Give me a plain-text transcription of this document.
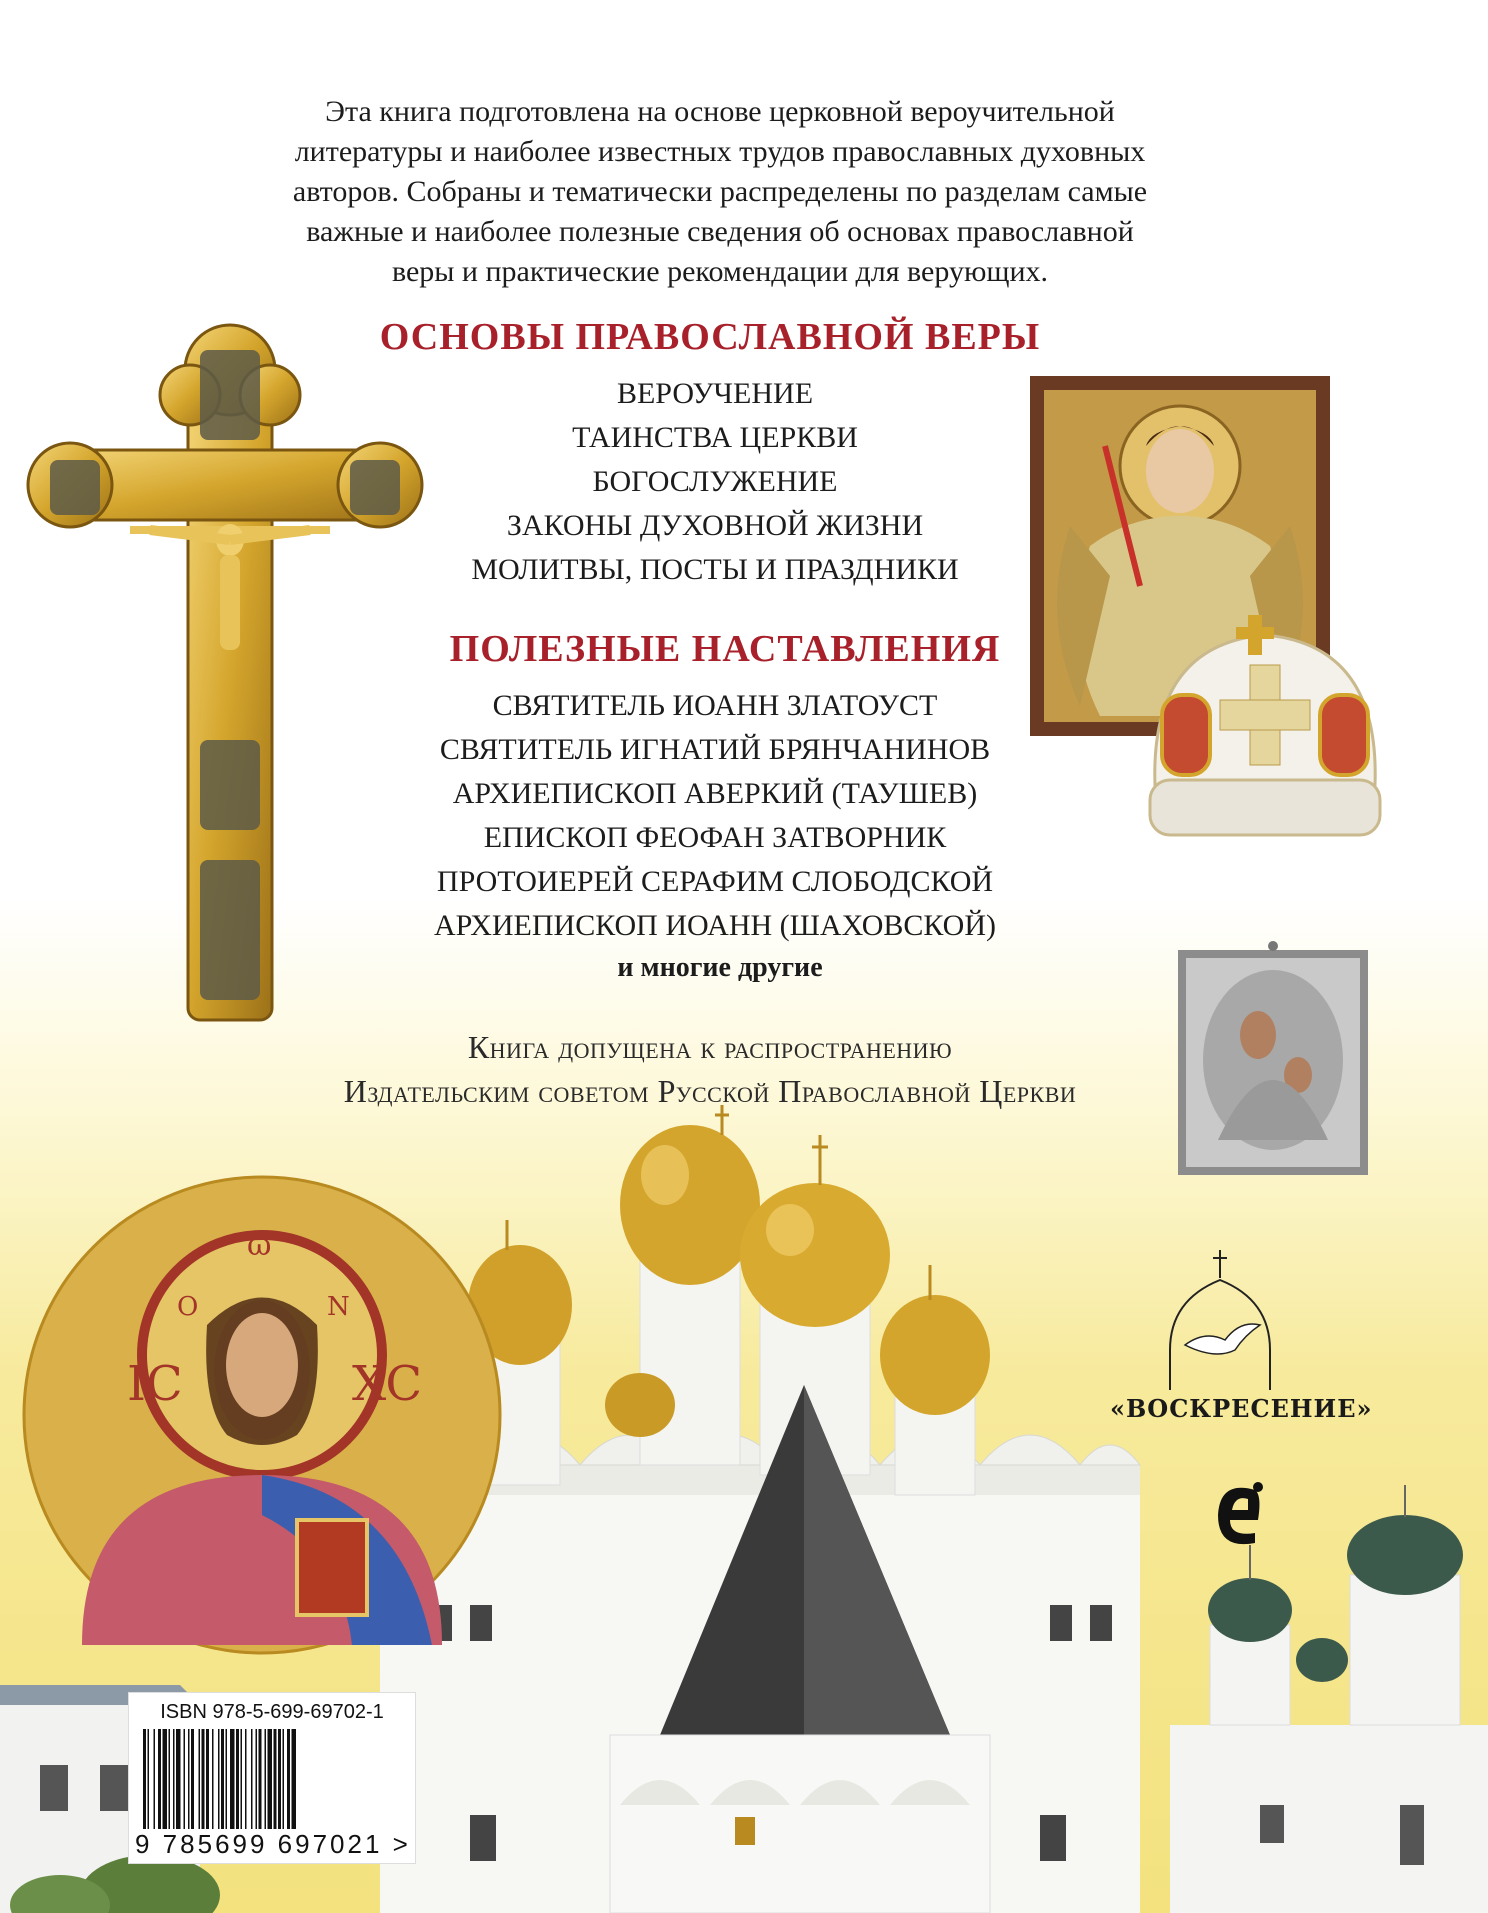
Эта книга подготовлена на основе церковной вероучительной
литературы и наиболее известных трудов православных духовных
авторов. Собраны и тематически распределены по разделам самые
важные и наиболее полезные сведения об основах православной
веры и практические рекомендации для верующих.

ОСНОВЫ ПРАВОСЛАВНОЙ ВЕРЫ
ВЕРОУЧЕНИЕ
ТАИНСТВА ЦЕРКВИ
БОГОСЛУЖЕНИЕ
ЗАКОНЫ ДУХОВНОЙ ЖИЗНИ
МОЛИТВЫ, ПОСТЫ И ПРАЗДНИКИ
ПОЛЕЗНЫЕ НАСТАВЛЕНИЯ
СВЯТИТЕЛЬ ИОАНН ЗЛАТОУСТ
СВЯТИТЕЛЬ ИГНАТИЙ БРЯНЧАНИНОВ
АРХИЕПИСКОП АВЕРКИЙ (ТАУШЕВ)
ЕПИСКОП ФЕОФАН ЗАТВОРНИК
ПРОТОИЕРЕЙ СЕРАФИМ СЛОБОДСКОЙ
АРХИЕПИСКОП ИОАНН (ШАХОВСКОЙ)

и многие другие

Книга допущена к распространению
Издательским советом Русской Православной Церкви

IC
O
ω
N
XC	«ВОСКРЕСЕНИЕ»
ISBN 978-5-699-69702-1
9 785699 697021 >
